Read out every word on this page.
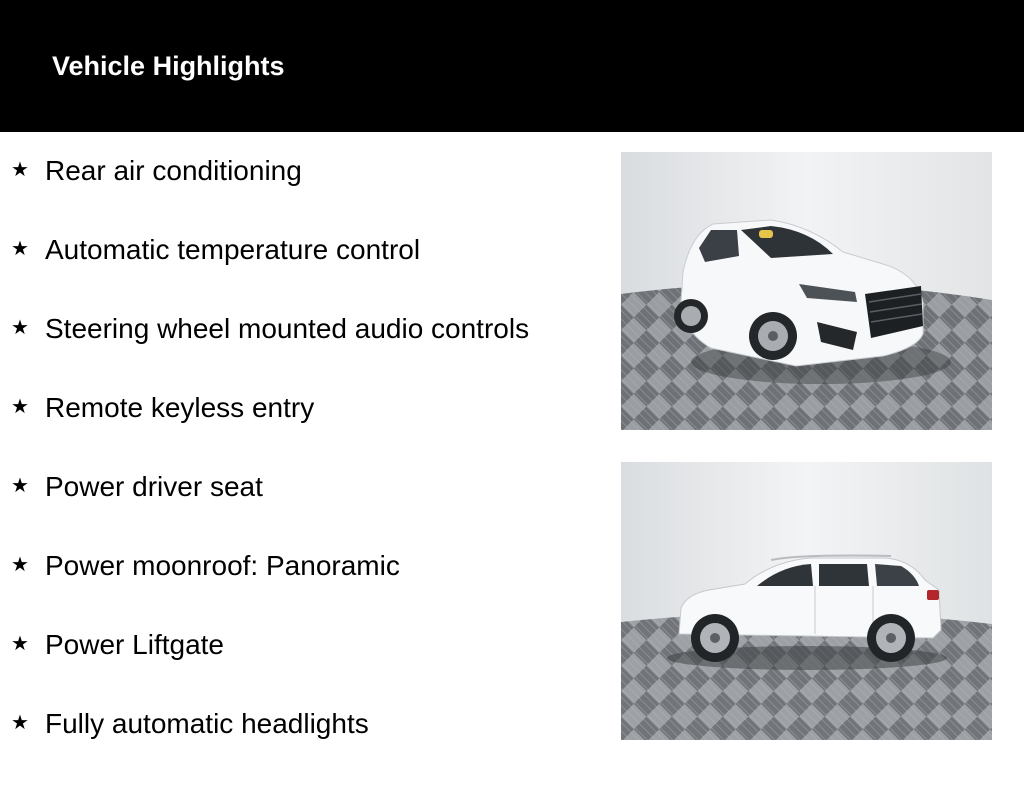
Vehicle Highlights
★ Rear air conditioning
★ Automatic temperature control
★ Steering wheel mounted audio controls
★ Remote keyless entry
★ Power driver seat
★ Power moonroof: Panoramic
★ Power Liftgate
★ Fully automatic headlights
